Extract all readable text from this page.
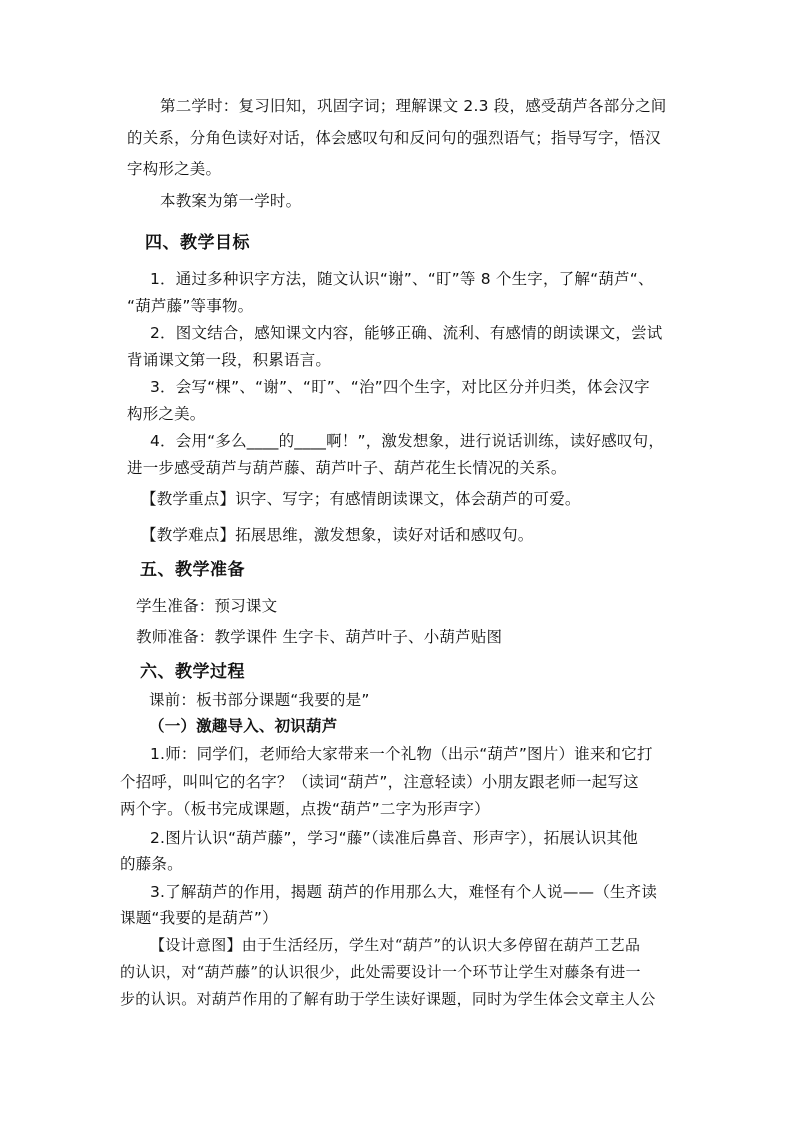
第二学时：复习旧知，巩固字词；理解课文 2.3 段，感受葫芦各部分之间
的关系，分角色读好对话，体会感叹句和反问句的强烈语气；指导写字，悟汉
字构形之美。
本教案为第一学时。
四、教学目标
1．通过多种识字方法，随文认识“谢”、“盯”等 8 个生字，了解“葫芦“、
“葫芦藤”等事物。
2．图文结合，感知课文内容，能够正确、流利、有感情的朗读课文，尝试
背诵课文第一段，积累语言。
3．会写“棵”、“谢”、“盯”、“治”四个生字，对比区分并归类，体会汉字
构形之美。
4．会用“多么____的____啊！”，激发想象，进行说话训练，读好感叹句，
进一步感受葫芦与葫芦藤、葫芦叶子、葫芦花生长情况的关系。
【教学重点】识字、写字；有感情朗读课文，体会葫芦的可爱。
【教学难点】拓展思维，激发想象，读好对话和感叹句。
五、教学准备
学生准备：预习课文
教师准备：教学课件 生字卡、葫芦叶子、小葫芦贴图
六、教学过程
课前：板书部分课题“我要的是”
（一）激趣导入、初识葫芦
1.师：同学们，老师给大家带来一个礼物（出示“葫芦”图片）谁来和它打
个招呼，叫叫它的名字？（读词“葫芦”，注意轻读）小朋友跟老师一起写这
两个字。（板书完成课题，点拨“葫芦”二字为形声字）
2.图片认识“葫芦藤”，学习“藤”（读准后鼻音、形声字），拓展认识其他
的藤条。
3.了解葫芦的作用，揭题 葫芦的作用那么大，难怪有个人说——（生齐读
课题“我要的是葫芦”）
【设计意图】由于生活经历，学生对“葫芦”的认识大多停留在葫芦工艺品
的认识，对“葫芦藤”的认识很少，此处需要设计一个环节让学生对藤条有进一
步的认识。对葫芦作用的了解有助于学生读好课题，同时为学生体会文章主人公
